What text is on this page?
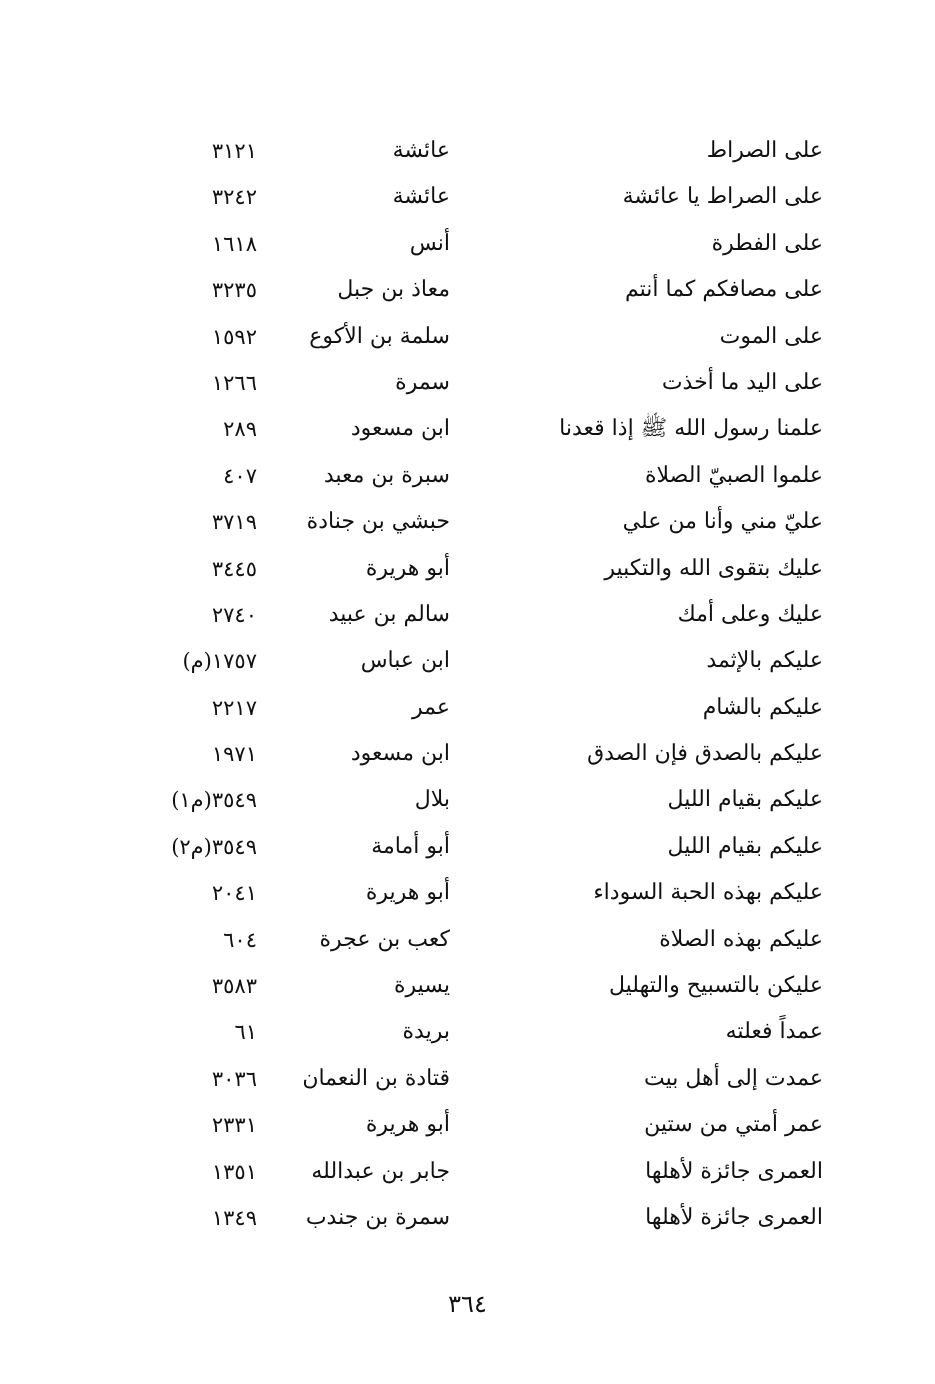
على الصراط
عائشة
٣١٢١
على الصراط يا عائشة
عائشة
٣٢٤٢
على الفطرة
أنس
١٦١٨
على مصافكم كما أنتم
معاذ بن جبل
٣٢٣٥
على الموت
سلمة بن الأكوع
١٥٩٢
على اليد ما أخذت
سمرة
١٢٦٦
علمنا رسول الله ﷺ إذا قعدنا
ابن مسعود
٢٨٩
علموا الصبيّ الصلاة
سبرة بن معبد
٤٠٧
عليّ مني وأنا من علي
حبشي بن جنادة
٣٧١٩
عليك بتقوى الله والتكبير
أبو هريرة
٣٤٤٥
عليك وعلى أمك
سالم بن عبيد
٢٧٤٠
عليكم بالإثمد
ابن عباس
١٧٥٧(م)
عليكم بالشام
عمر
٢٢١٧
عليكم بالصدق فإن الصدق
ابن مسعود
١٩٧١
عليكم بقيام الليل
بلال
٣٥٤٩(م١)
عليكم بقيام الليل
أبو أمامة
٣٥٤٩(م٢)
عليكم بهذه الحبة السوداء
أبو هريرة
٢٠٤١
عليكم بهذه الصلاة
كعب بن عجرة
٦٠٤
عليكن بالتسبيح والتهليل
يسيرة
٣٥٨٣
عمداً فعلته
بريدة
٦١
عمدت إلى أهل بيت
قتادة بن النعمان
٣٠٣٦
عمر أمتي من ستين
أبو هريرة
٢٣٣١
العمرى جائزة لأهلها
جابر بن عبدالله
١٣٥١
العمرى جائزة لأهلها
سمرة بن جندب
١٣٤٩
٣٦٤
